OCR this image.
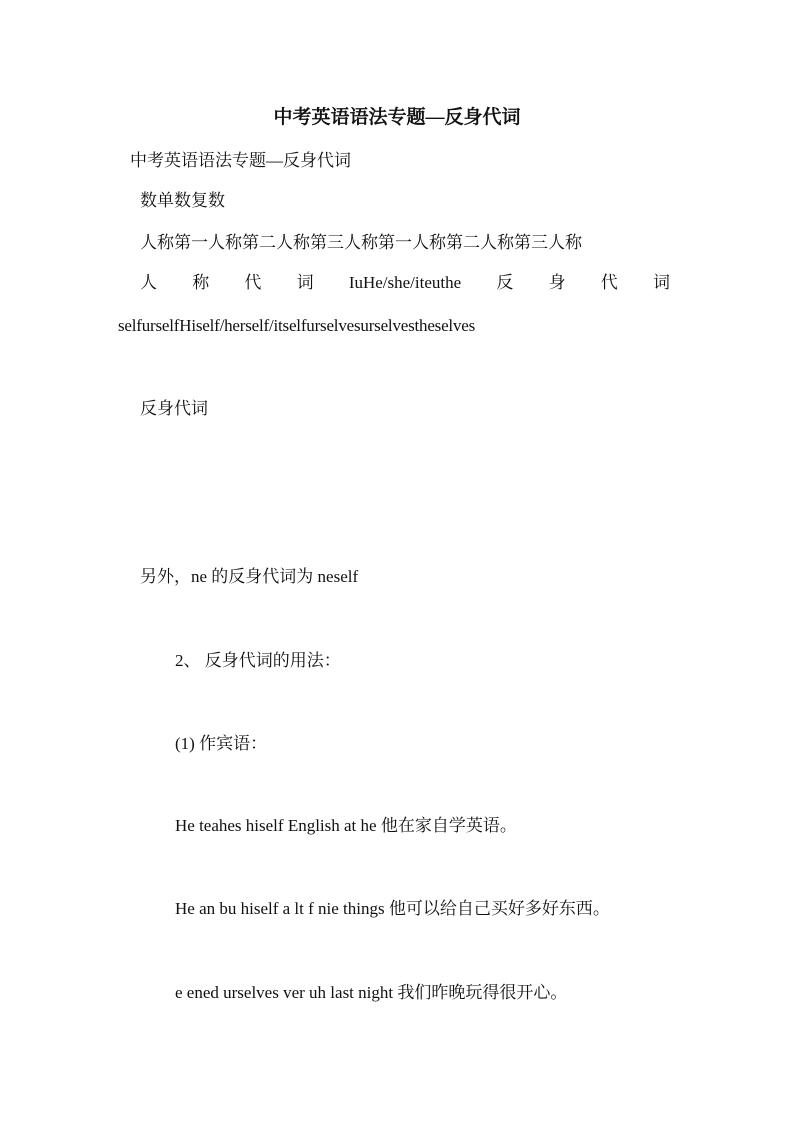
中考英语语法专题—反身代词
中考英语语法专题—反身代词
数单数复数
人称第一人称第二人称第三人称第一人称第二人称第三人称
人 称 代 词 IuHe/she/iteuthe 反 身 代 词
selfurselfHiself/herself/itselfurselvesurselvestheselves
反身代词
另外，ne 的反身代词为 neself
2、 反身代词的用法：
(1) 作宾语：
He teahes hiself English at he 他在家自学英语。
He an bu hiself a lt f nie things 他可以给自己买好多好东西。
e ened urselves ver uh last night 我们昨晚玩得很开心。
